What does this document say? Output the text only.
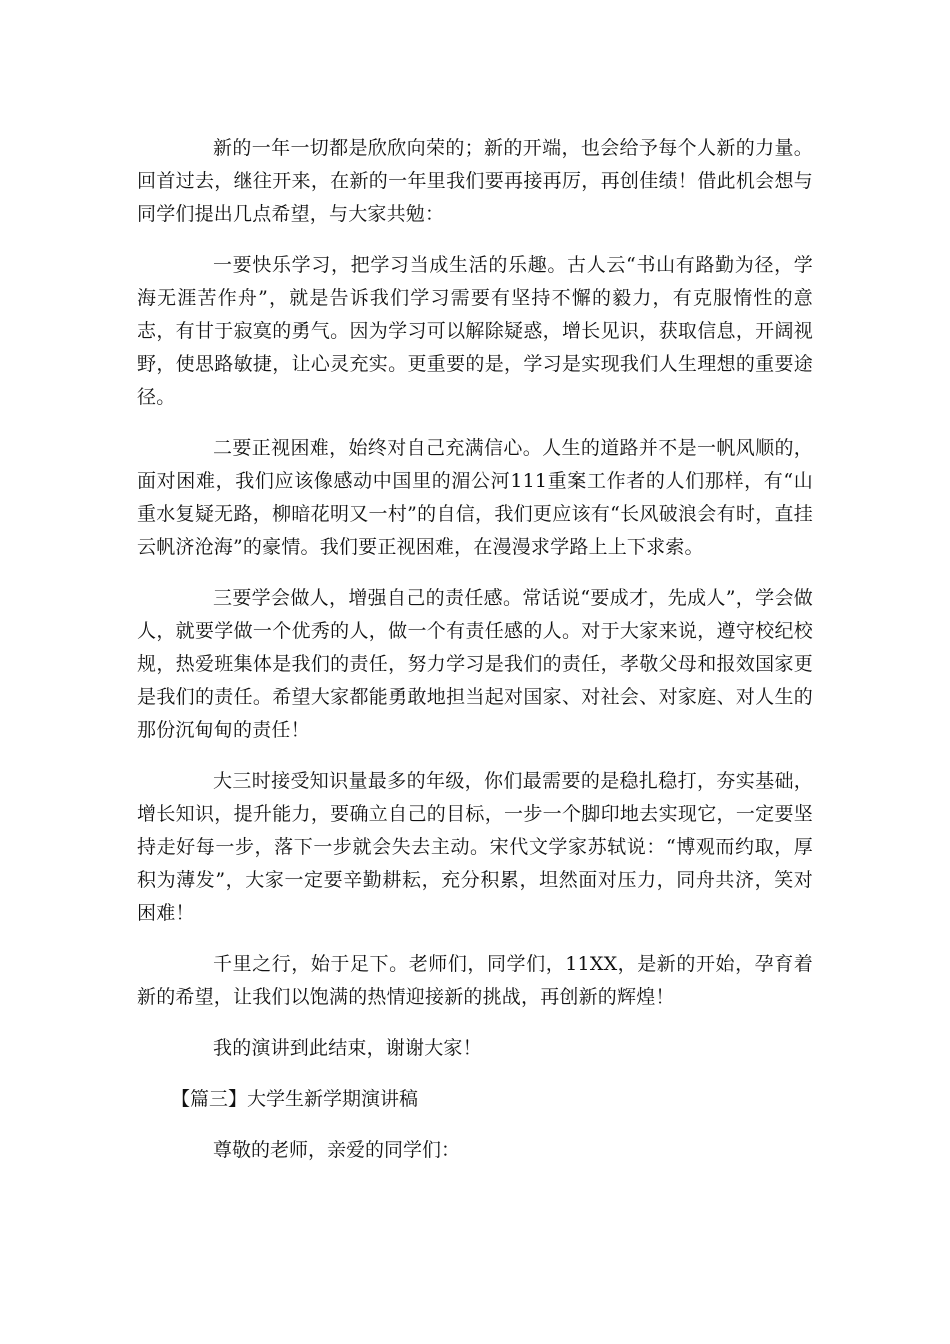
新的一年一切都是欣欣向荣的；新的开端，也会给予每个人新的力量。回首过去，继往开来，在新的一年里我们要再接再厉，再创佳绩！借此机会想与同学们提出几点希望，与大家共勉：

一要快乐学习，把学习当成生活的乐趣。古人云“书山有路勤为径，学海无涯苦作舟”，就是告诉我们学习需要有坚持不懈的毅力，有克服惰性的意志，有甘于寂寞的勇气。因为学习可以解除疑惑，增长见识，获取信息，开阔视野，使思路敏捷，让心灵充实。更重要的是，学习是实现我们人生理想的重要途径。

二要正视困难，始终对自己充满信心。人生的道路并不是一帆风顺的，面对困难，我们应该像感动中国里的湄公河111重案工作者的人们那样，有“山重水复疑无路，柳暗花明又一村”的自信，我们更应该有“长风破浪会有时，直挂云帆济沧海”的豪情。我们要正视困难，在漫漫求学路上上下求索。

三要学会做人，增强自己的责任感。常话说“要成才，先成人”，学会做人，就要学做一个优秀的人，做一个有责任感的人。对于大家来说，遵守校纪校规，热爱班集体是我们的责任，努力学习是我们的责任，孝敬父母和报效国家更是我们的责任。希望大家都能勇敢地担当起对国家、对社会、对家庭、对人生的那份沉甸甸的责任！

大三时接受知识量最多的年级，你们最需要的是稳扎稳打，夯实基础，增长知识，提升能力，要确立自己的目标，一步一个脚印地去实现它，一定要坚持走好每一步，落下一步就会失去主动。宋代文学家苏轼说：“博观而约取，厚积为薄发”，大家一定要辛勤耕耘，充分积累，坦然面对压力，同舟共济，笑对困难！

千里之行，始于足下。老师们，同学们，11XX，是新的开始，孕育着新的希望，让我们以饱满的热情迎接新的挑战，再创新的辉煌！

我的演讲到此结束，谢谢大家！

【篇三】大学生新学期演讲稿

尊敬的老师，亲爱的同学们：
